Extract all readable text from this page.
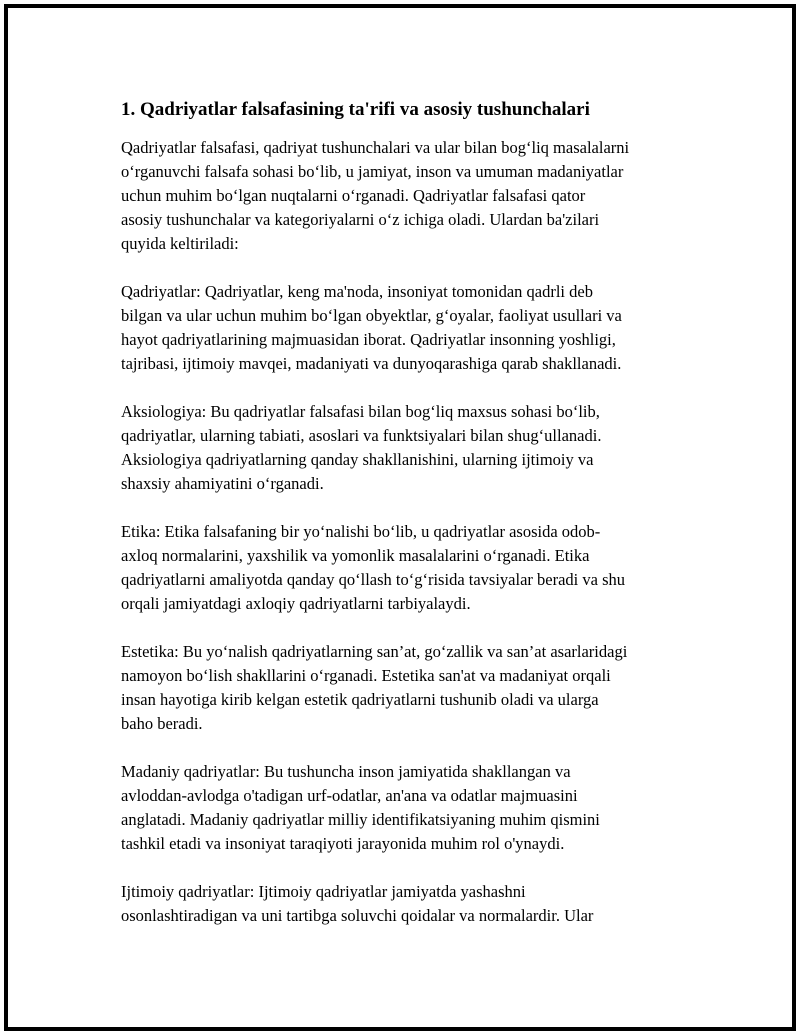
1. Qadriyatlar falsafasining ta'rifi va asosiy tushunchalari

Qadriyatlar falsafasi, qadriyat tushunchalari va ular bilan bog‘liq masalalarni
o‘rganuvchi falsafa sohasi bo‘lib, u jamiyat, inson va umuman madaniyatlar
uchun muhim bo‘lgan nuqtalarni o‘rganadi. Qadriyatlar falsafasi qator
asosiy tushunchalar va kategoriyalarni o‘z ichiga oladi. Ulardan ba'zilari
quyida keltiriladi:

Qadriyatlar: Qadriyatlar, keng ma'noda, insoniyat tomonidan qadrli deb
bilgan va ular uchun muhim bo‘lgan obyektlar, g‘oyalar, faoliyat usullari va
hayot qadriyatlarining majmuasidan iborat. Qadriyatlar insonning yoshligi,
tajribasi, ijtimoiy mavqei, madaniyati va dunyoqarashiga qarab shakllanadi.

Aksiologiya: Bu qadriyatlar falsafasi bilan bog‘liq maxsus sohasi bo‘lib,
qadriyatlar, ularning tabiati, asoslari va funktsiyalari bilan shug‘ullanadi.
Aksiologiya qadriyatlarning qanday shakllanishini, ularning ijtimoiy va
shaxsiy ahamiyatini o‘rganadi.

Etika: Etika falsafaning bir yo‘nalishi bo‘lib, u qadriyatlar asosida odob-
axloq normalarini, yaxshilik va yomonlik masalalarini o‘rganadi. Etika
qadriyatlarni amaliyotda qanday qo‘llash to‘g‘risida tavsiyalar beradi va shu
orqali jamiyatdagi axloqiy qadriyatlarni tarbiyalaydi.

Estetika: Bu yo‘nalish qadriyatlarning san’at, go‘zallik va san’at asarlaridagi
namoyon bo‘lish shakllarini o‘rganadi. Estetika san'at va madaniyat orqali
insan hayotiga kirib kelgan estetik qadriyatlarni tushunib oladi va ularga
baho beradi.

Madaniy qadriyatlar: Bu tushuncha inson jamiyatida shakllangan va
avloddan-avlodga o'tadigan urf-odatlar, an'ana va odatlar majmuasini
anglatadi. Madaniy qadriyatlar milliy identifikatsiyaning muhim qismini
tashkil etadi va insoniyat taraqiyoti jarayonida muhim rol o'ynaydi.

Ijtimoiy qadriyatlar: Ijtimoiy qadriyatlar jamiyatda yashashni
osonlashtiradigan va uni tartibga soluvchi qoidalar va normalardir. Ular
